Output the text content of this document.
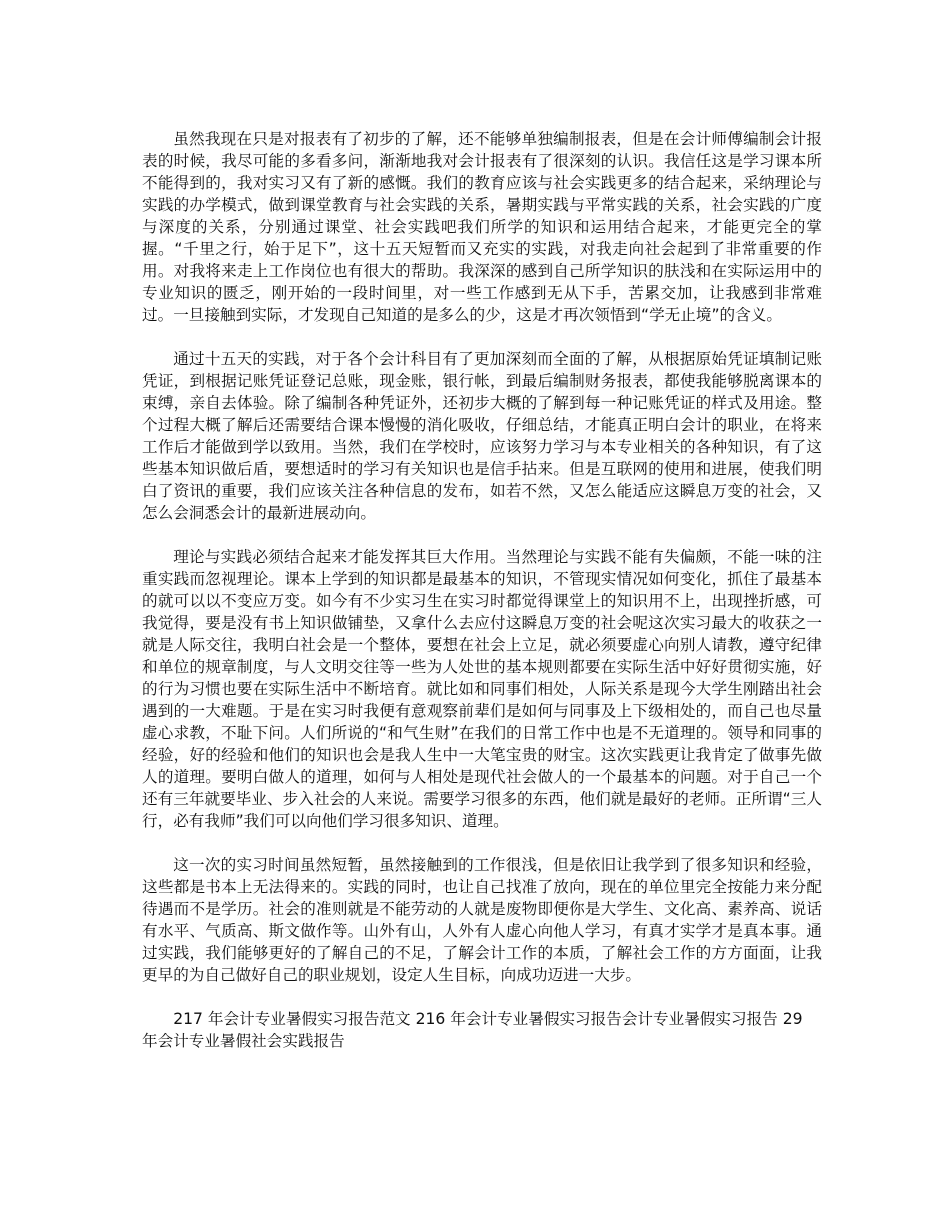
虽然我现在只是对报表有了初步的了解，还不能够单独编制报表，但是在会计师傅编制会计报表的时候，我尽可能的多看多问，渐渐地我对会计报表有了很深刻的认识。我信任这是学习课本所不能得到的，我对实习又有了新的感慨。我们的教育应该与社会实践更多的结合起来，采纳理论与实践的办学模式，做到课堂教育与社会实践的关系，暑期实践与平常实践的关系，社会实践的广度与深度的关系，分别通过课堂、社会实践吧我们所学的知识和运用结合起来，才能更完全的掌握。“千里之行，始于足下”，这十五天短暂而又充实的实践，对我走向社会起到了非常重要的作用。对我将来走上工作岗位也有很大的帮助。我深深的感到自己所学知识的肤浅和在实际运用中的专业知识的匮乏，刚开始的一段时间里，对一些工作感到无从下手，苦累交加，让我感到非常难过。一旦接触到实际，才发现自己知道的是多么的少，这是才再次领悟到“学无止境”的含义。

通过十五天的实践，对于各个会计科目有了更加深刻而全面的了解，从根据原始凭证填制记账凭证，到根据记账凭证登记总账，现金账，银行帐，到最后编制财务报表，都使我能够脱离课本的束缚，亲自去体验。除了编制各种凭证外，还初步大概的了解到每一种记账凭证的样式及用途。整个过程大概了解后还需要结合课本慢慢的消化吸收，仔细总结，才能真正明白会计的职业，在将来工作后才能做到学以致用。当然，我们在学校时，应该努力学习与本专业相关的各种知识，有了这些基本知识做后盾，要想适时的学习有关知识也是信手拈来。但是互联网的使用和进展，使我们明白了资讯的重要，我们应该关注各种信息的发布，如若不然，又怎么能适应这瞬息万变的社会，又怎么会洞悉会计的最新进展动向。

理论与实践必须结合起来才能发挥其巨大作用。当然理论与实践不能有失偏颇，不能一味的注重实践而忽视理论。课本上学到的知识都是最基本的知识，不管现实情况如何变化，抓住了最基本的就可以以不变应万变。如今有不少实习生在实习时都觉得课堂上的知识用不上，出现挫折感，可我觉得，要是没有书上知识做铺垫，又拿什么去应付这瞬息万变的社会呢这次实习最大的收获之一就是人际交往，我明白社会是一个整体，要想在社会上立足，就必须要虚心向别人请教，遵守纪律和单位的规章制度，与人文明交往等一些为人处世的基本规则都要在实际生活中好好贯彻实施，好的行为习惯也要在实际生活中不断培育。就比如和同事们相处，人际关系是现今大学生刚踏出社会遇到的一大难题。于是在实习时我便有意观察前辈们是如何与同事及上下级相处的，而自己也尽量虚心求教，不耻下问。人们所说的“和气生财”在我们的日常工作中也是不无道理的。领导和同事的经验，好的经验和他们的知识也会是我人生中一大笔宝贵的财宝。这次实践更让我肯定了做事先做人的道理。要明白做人的道理，如何与人相处是现代社会做人的一个最基本的问题。对于自己一个还有三年就要毕业、步入社会的人来说。需要学习很多的东西，他们就是最好的老师。正所谓“三人行，必有我师”我们可以向他们学习很多知识、道理。

这一次的实习时间虽然短暂，虽然接触到的工作很浅，但是依旧让我学到了很多知识和经验，这些都是书本上无法得来的。实践的同时，也让自己找准了放向，现在的单位里完全按能力来分配待遇而不是学历。社会的准则就是不能劳动的人就是废物即便你是大学生、文化高、素养高、说话有水平、气质高、斯文做作等。山外有山，人外有人虚心向他人学习，有真才实学才是真本事。通过实践，我们能够更好的了解自己的不足，了解会计工作的本质，了解社会工作的方方面面，让我更早的为自己做好自己的职业规划，设定人生目标，向成功迈进一大步。

217 年会计专业暑假实习报告范文 216 年会计专业暑假实习报告会计专业暑假实习报告 29 年会计专业暑假社会实践报告
